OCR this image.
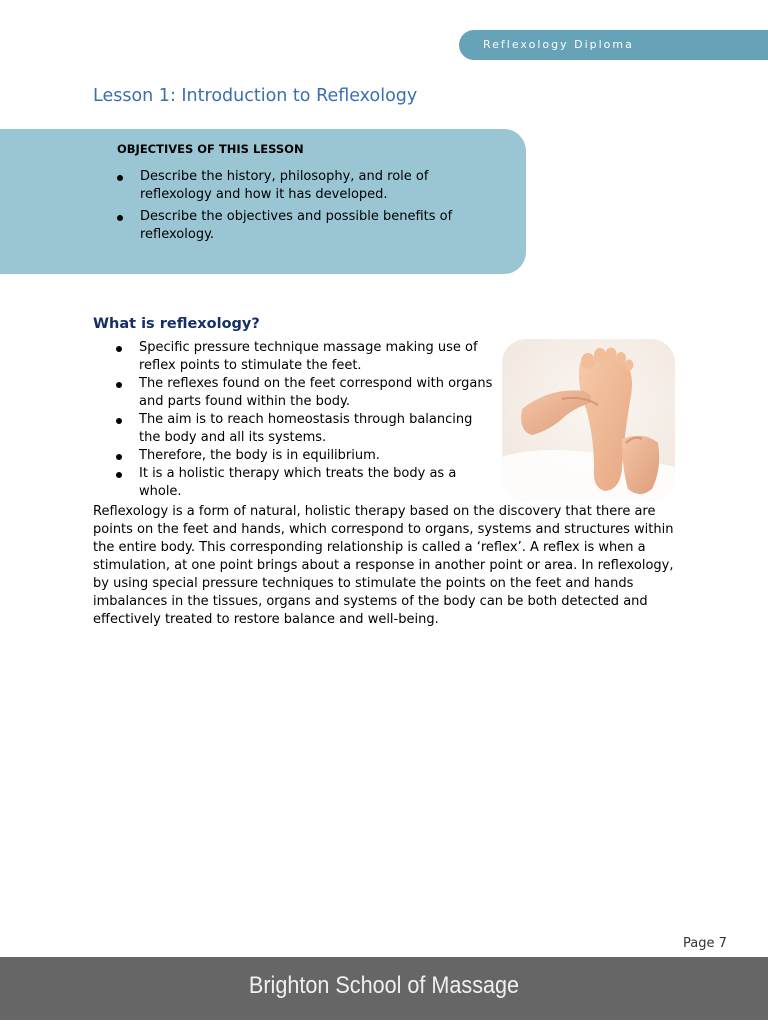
Reflexology Diploma
Lesson 1: Introduction to Reflexology
OBJECTIVES OF THIS LESSON
Describe the history, philosophy, and role of reflexology and how it has developed.
Describe the objectives and possible benefits of reflexology.
What is reflexology?
Specific pressure technique massage making use of reflex points to stimulate the feet.
The reflexes found on the feet correspond with organs and parts found within the body.
The aim is to reach homeostasis through balancing the body and all its systems.
Therefore, the body is in equilibrium.
It is a holistic therapy which treats the body as a whole.

Reflexology is a form of natural, holistic therapy based on the discovery that there are points on the feet and hands, which correspond to organs, systems and structures within the entire body. This corresponding relationship is called a ‘reflex’. A reflex is when a stimulation, at one point brings about a response in another point or area. In reflexology, by using special pressure techniques to stimulate the points on the feet and hands imbalances in the tissues, organs and systems of the body can be both detected and effectively treated to restore balance and well-being.

Page 7
Brighton School of Massage
